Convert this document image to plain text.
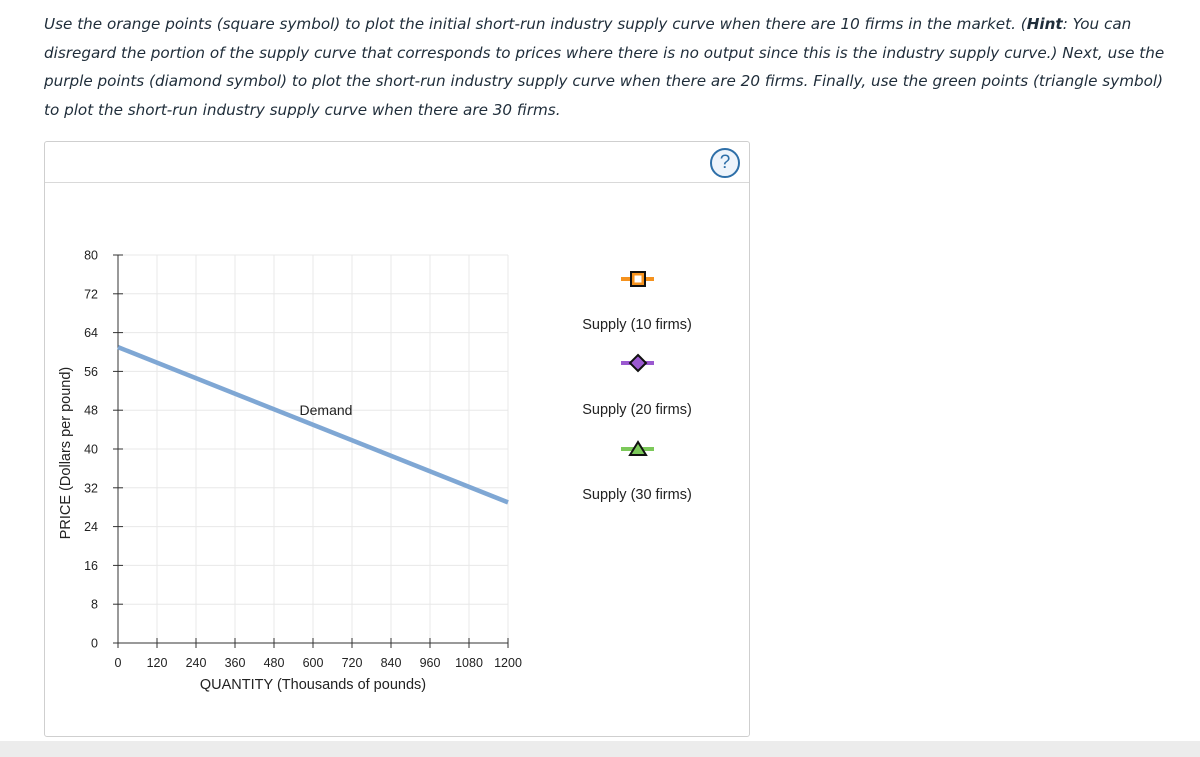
Use the orange points (square symbol) to plot the initial short-run industry supply curve when there are 10 firms in the market. (Hint: You can disregard the portion of the supply curve that corresponds to prices where there is no output since this is the industry supply curve.) Next, use the purple points (diamond symbol) to plot the short-run industry supply curve when there are 20 firms. Finally, use the green points (triangle symbol) to plot the short-run industry supply curve when there are 30 firms.

?
0 120 240 360 480 600 720 840 960 1080 1200
0
8
16
24
32
40
48
56
64
72
80
Demand
QUANTITY (Thousands of pounds)
PRICE (Dollars per pound)
Supply (10 firms)
Supply (20 firms)
Supply (30 firms)
